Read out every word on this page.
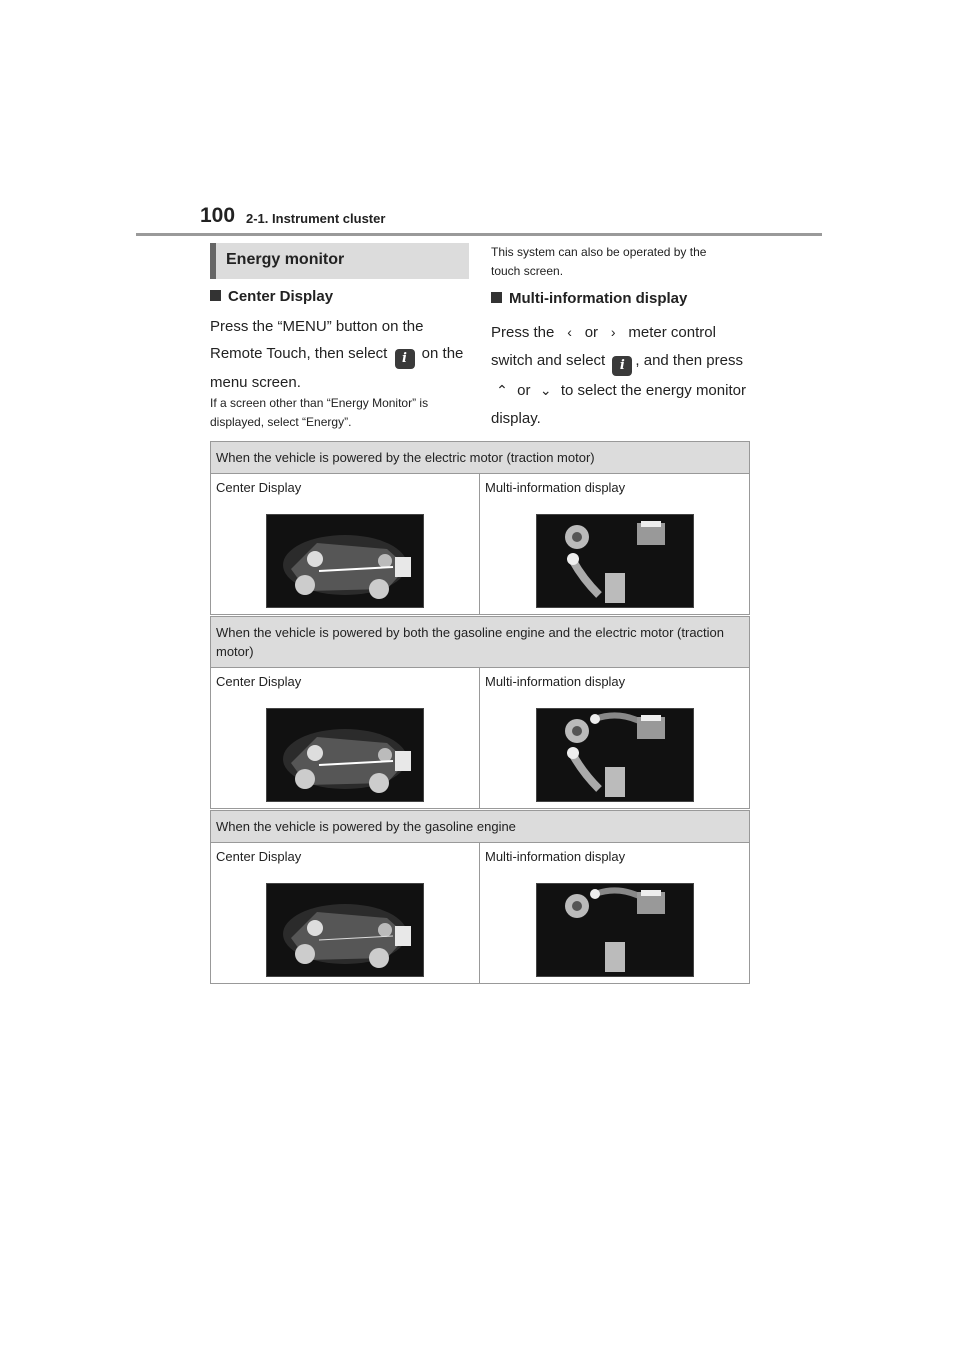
100 2-1. Instrument cluster
Energy monitor
Center Display
Press the “MENU” button on the
Remote Touch, then select i on the
menu screen.
If a screen other than “Energy Monitor” is
displayed, select “Energy”.
This system can also be operated by the
touch screen.
Multi-information display
Press the ‹ or › meter control
switch and select i , and then press
⌃ or ⌄ to select the energy monitor
display.
When the vehicle is powered by the electric motor (traction motor)

Center Display	Multi-information display
When the vehicle is powered by both the gasoline engine and the electric motor (traction motor)

Center Display	Multi-information display
When the vehicle is powered by the gasoline engine

Center Display	Multi-information display
